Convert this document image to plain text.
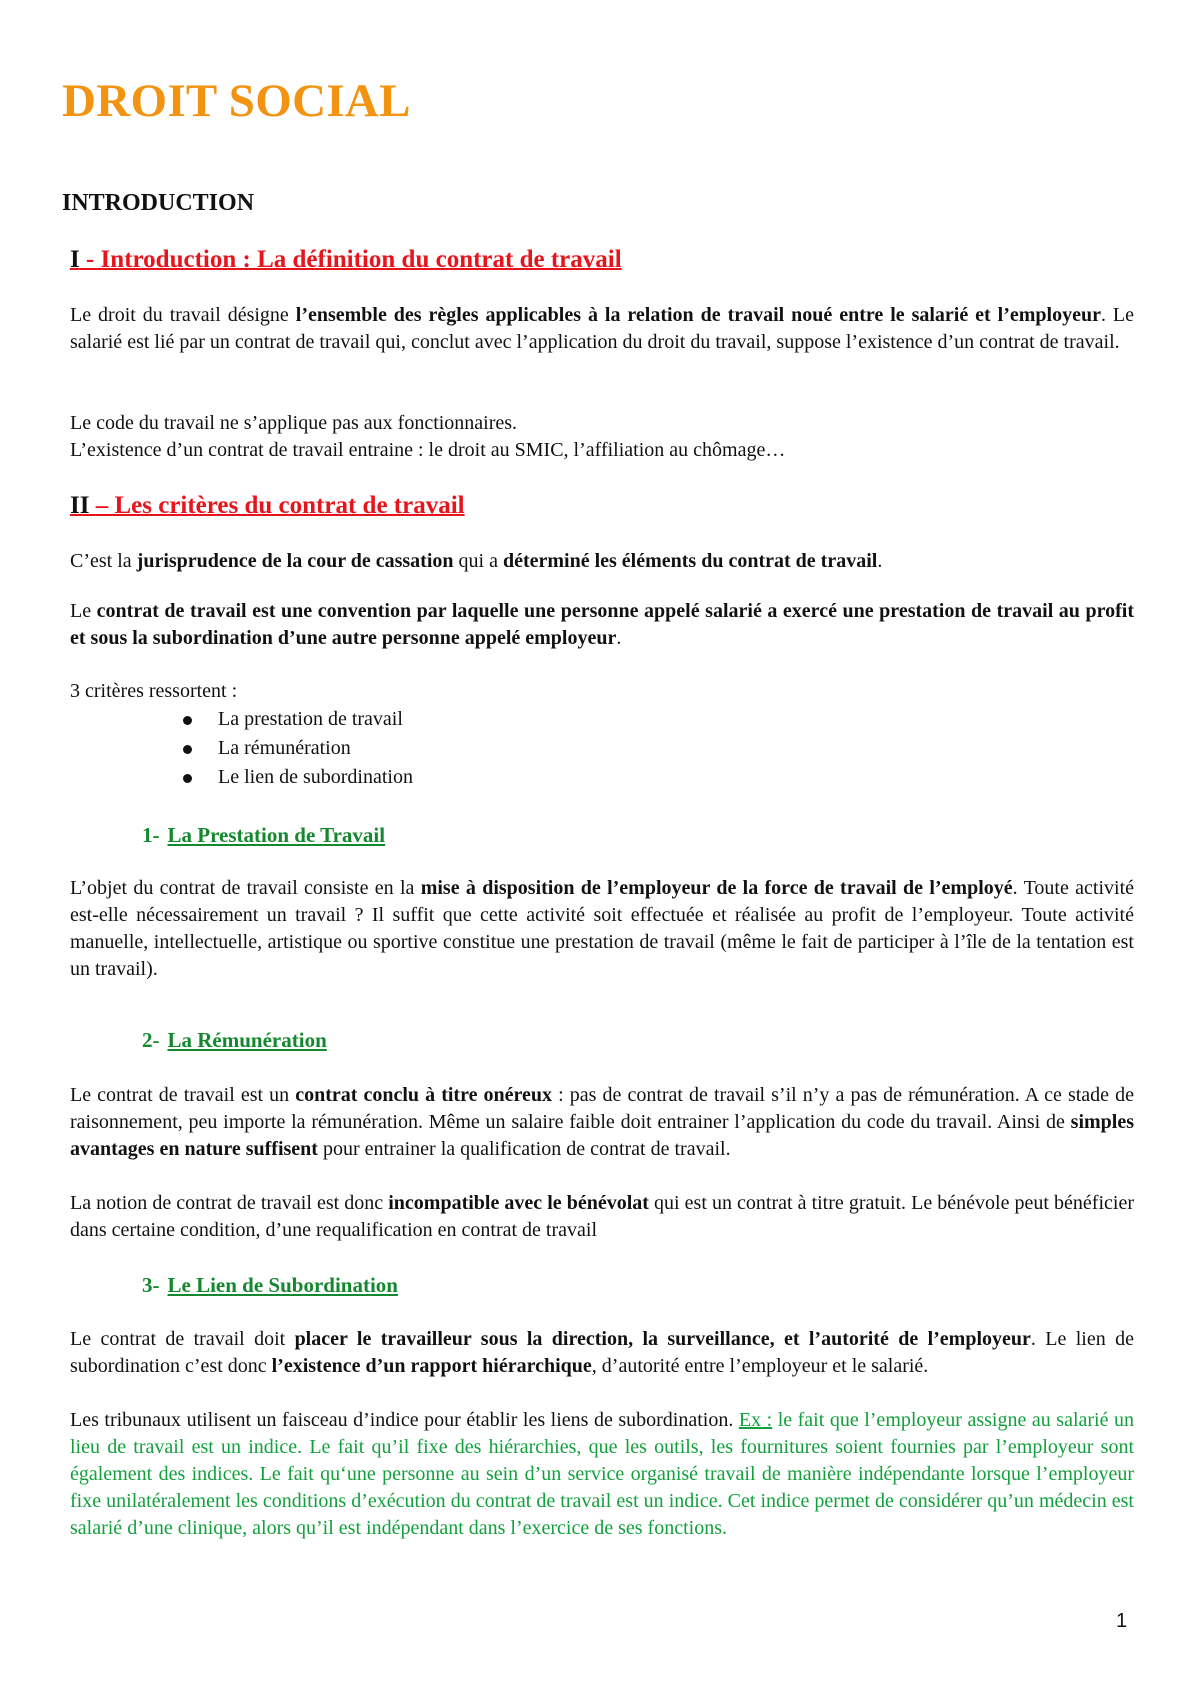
DROIT SOCIAL
INTRODUCTION
I - Introduction : La définition du contrat de travail

Le droit du travail désigne l’ensemble des règles applicables à la relation de travail noué entre le salarié et l’employeur. Le salarié est lié par un contrat de travail qui, conclut avec l’application du droit du travail, suppose l’existence d’un contrat de travail.

Le code du travail ne s’applique pas aux fonctionnaires.
L’existence d’un contrat de travail entraine : le droit au SMIC, l’affiliation au chômage…

II – Les critères du contrat de travail

C’est la jurisprudence de la cour de cassation qui a déterminé les éléments du contrat de travail.

Le contrat de travail est une convention par laquelle une personne appelé salarié a exercé une prestation de travail au profit et sous la subordination d’une autre personne appelé employeur.

3 critères ressortent :

La prestation de travail
La rémunération
Le lien de subordination
1- La Prestation de Travail

L’objet du contrat de travail consiste en la mise à disposition de l’employeur de la force de travail de l’employé. Toute activité est-elle nécessairement un travail ? Il suffit que cette activité soit effectuée et réalisée au profit de l’employeur. Toute activité manuelle, intellectuelle, artistique ou sportive constitue une prestation de travail (même le fait de participer à l’île de la tentation est un travail).

2- La Rémunération

Le contrat de travail est un contrat conclu à titre onéreux : pas de contrat de travail s’il n’y a pas de rémunération. A ce stade de raisonnement, peu importe la rémunération. Même un salaire faible doit entrainer l’application du code du travail. Ainsi de simples avantages en nature suffisent pour entrainer la qualification de contrat de travail.

La notion de contrat de travail est donc incompatible avec le bénévolat qui est un contrat à titre gratuit. Le bénévole peut bénéficier dans certaine condition, d’une requalification en contrat de travail

3- Le Lien de Subordination

Le contrat de travail doit placer le travailleur sous la direction, la surveillance, et l’autorité de l’employeur. Le lien de subordination c’est donc l’existence d’un rapport hiérarchique, d’autorité entre l’employeur et le salarié.

Les tribunaux utilisent un faisceau d’indice pour établir les liens de subordination. Ex : le fait que l’employeur assigne au salarié un lieu de travail est un indice. Le fait qu’il fixe des hiérarchies, que les outils, les fournitures soient fournies par l’employeur sont également des indices. Le fait qu‘une personne au sein d’un service organisé travail de manière indépendante lorsque l’employeur fixe unilatéralement les conditions d’exécution du contrat de travail est un indice. Cet indice permet de considérer qu’un médecin est salarié d’une clinique, alors qu’il est indépendant dans l’exercice de ses fonctions.

1
